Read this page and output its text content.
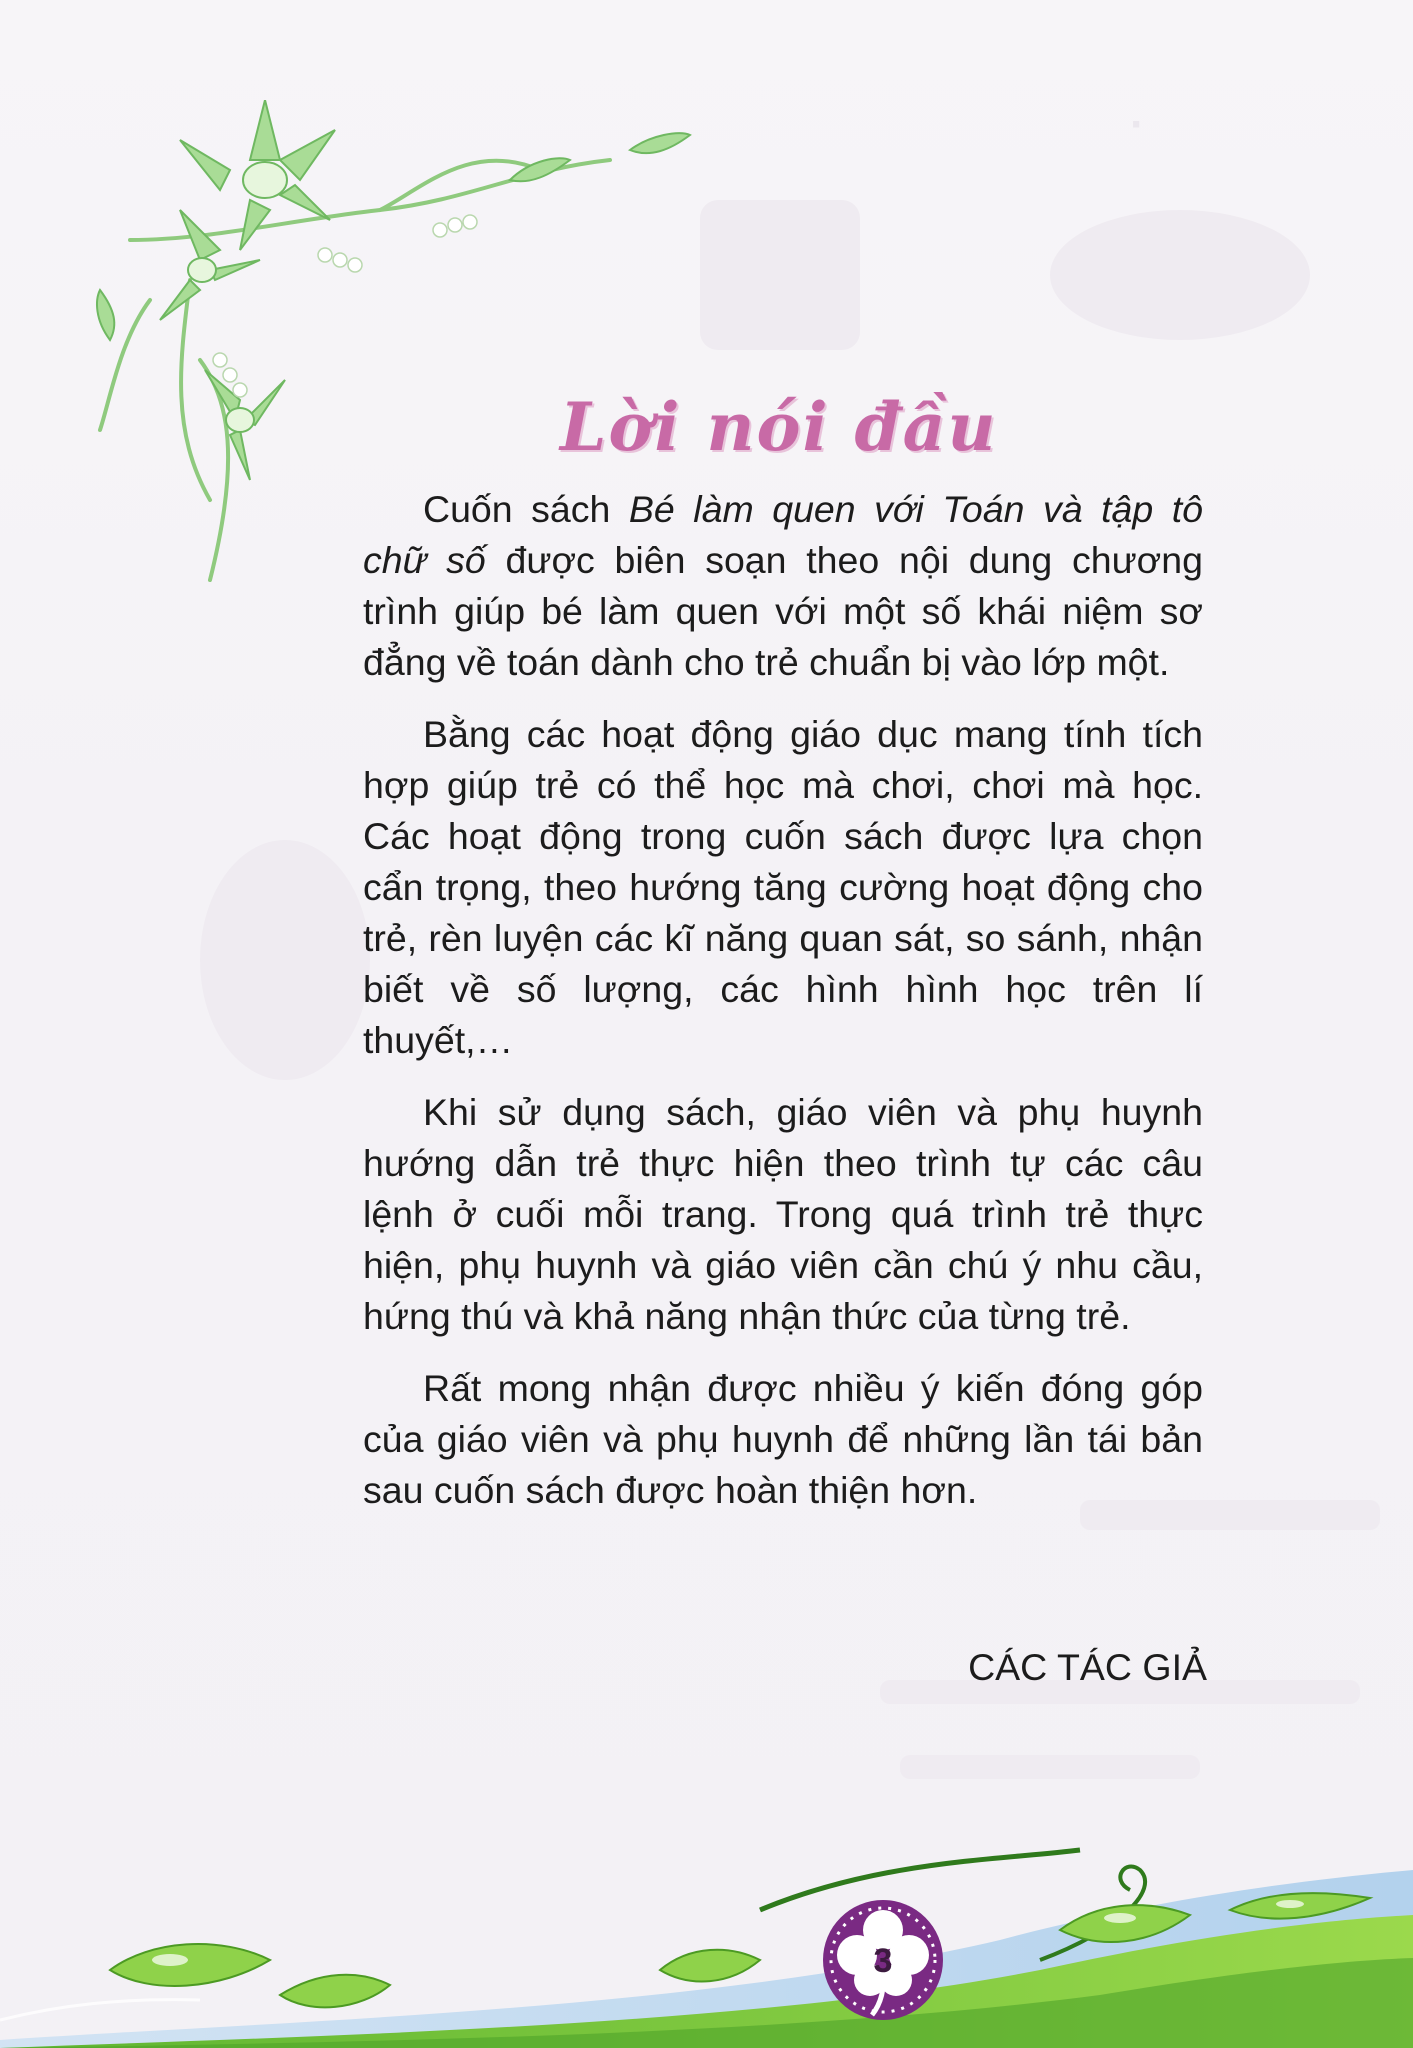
·
Lời nói đầu

Cuốn sách Bé làm quen với Toán và tập tô chữ số được biên soạn theo nội dung chương trình giúp bé làm quen với một số khái niệm sơ đẳng về toán dành cho trẻ chuẩn bị vào lớp một.

Bằng các hoạt động giáo dục mang tính tích hợp giúp trẻ có thể học mà chơi, chơi mà học. Các hoạt động trong cuốn sách được lựa chọn cẩn trọng, theo hướng tăng cường hoạt động cho trẻ, rèn luyện các kĩ năng quan sát, so sánh, nhận biết về số lượng, các hình hình học trên lí thuyết,…

Khi sử dụng sách, giáo viên và phụ huynh hướng dẫn trẻ thực hiện theo trình tự các câu lệnh ở cuối mỗi trang. Trong quá trình trẻ thực hiện, phụ huynh và giáo viên cần chú ý nhu cầu, hứng thú và khả năng nhận thức của từng trẻ.

Rất mong nhận được nhiều ý kiến đóng góp của giáo viên và phụ huynh để những lần tái bản sau cuốn sách được hoàn thiện hơn.

CÁC TÁC GIẢ
3
